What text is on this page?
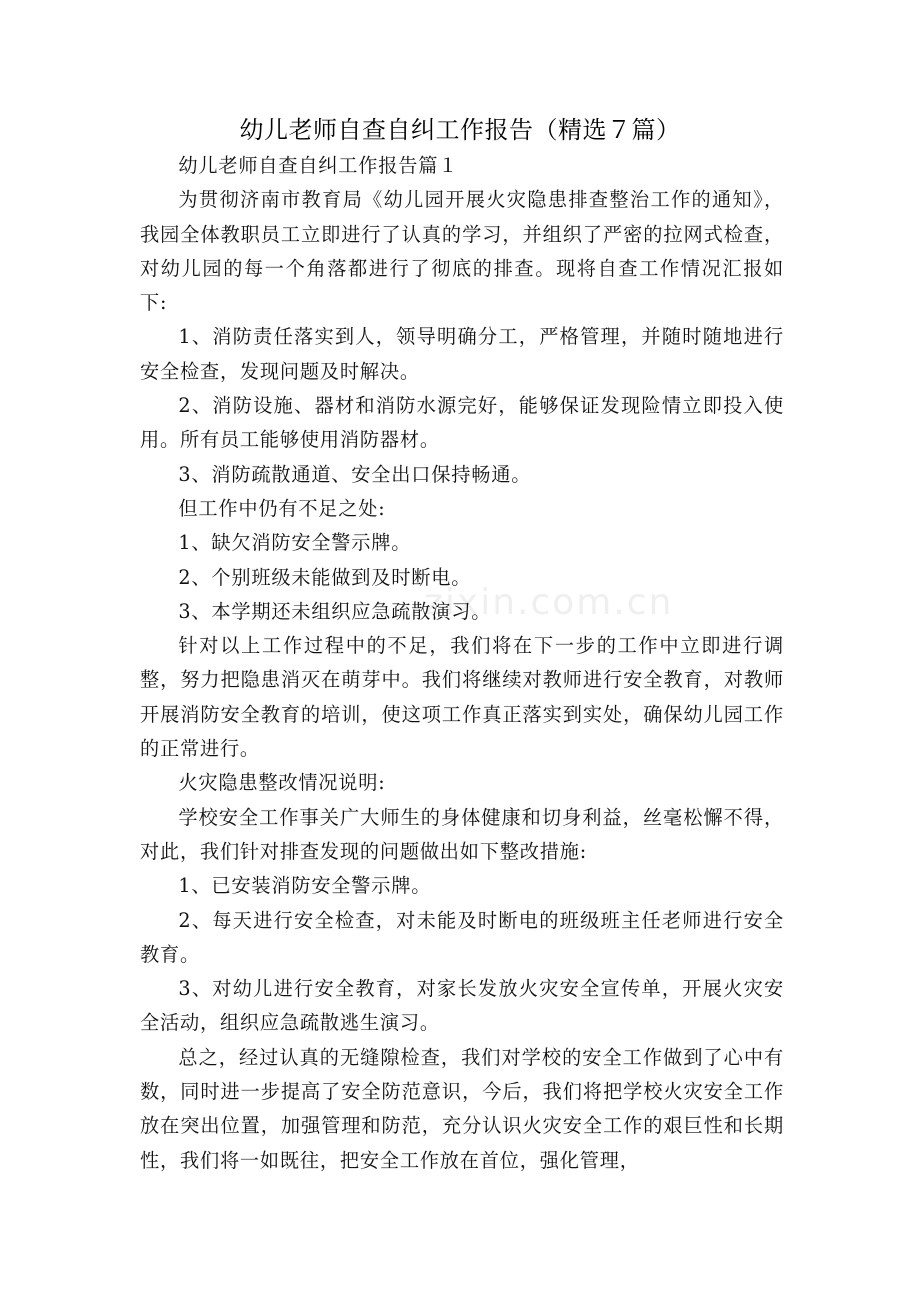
幼儿老师自查自纠工作报告（精选７篇）

幼儿老师自查自纠工作报告篇１

为贯彻济南市教育局《幼儿园开展火灾隐患排查整治工作的通知》，我园全体教职员工立即进行了认真的学习，并组织了严密的拉网式检查，对幼儿园的每一个角落都进行了彻底的排查。现将自查工作情况汇报如下:

1、消防责任落实到人，领导明确分工，严格管理，并随时随地进行安全检查，发现问题及时解决。

2、消防设施、器材和消防水源完好，能够保证发现险情立即投入使用。所有员工能够使用消防器材。

3、消防疏散通道、安全出口保持畅通。

但工作中仍有不足之处:

1、缺欠消防安全警示牌。

2、个别班级未能做到及时断电。

3、本学期还未组织应急疏散演习。

针对以上工作过程中的不足，我们将在下一步的工作中立即进行调整，努力把隐患消灭在萌芽中。我们将继续对教师进行安全教育，对教师开展消防安全教育的培训，使这项工作真正落实到实处，确保幼儿园工作的正常进行。

火灾隐患整改情况说明:

学校安全工作事关广大师生的身体健康和切身利益，丝毫松懈不得，对此，我们针对排查发现的问题做出如下整改措施:

1、已安装消防安全警示牌。

2、每天进行安全检查，对未能及时断电的班级班主任老师进行安全教育。

3、对幼儿进行安全教育，对家长发放火灾安全宣传单，开展火灾安全活动，组织应急疏散逃生演习。

总之，经过认真的无缝隙检查，我们对学校的安全工作做到了心中有数，同时进一步提高了安全防范意识，今后，我们将把学校火灾安全工作放在突出位置，加强管理和防范，充分认识火灾安全工作的艰巨性和长期性，我们将一如既往，把安全工作放在首位，强化管理，

zixin.com.cn
